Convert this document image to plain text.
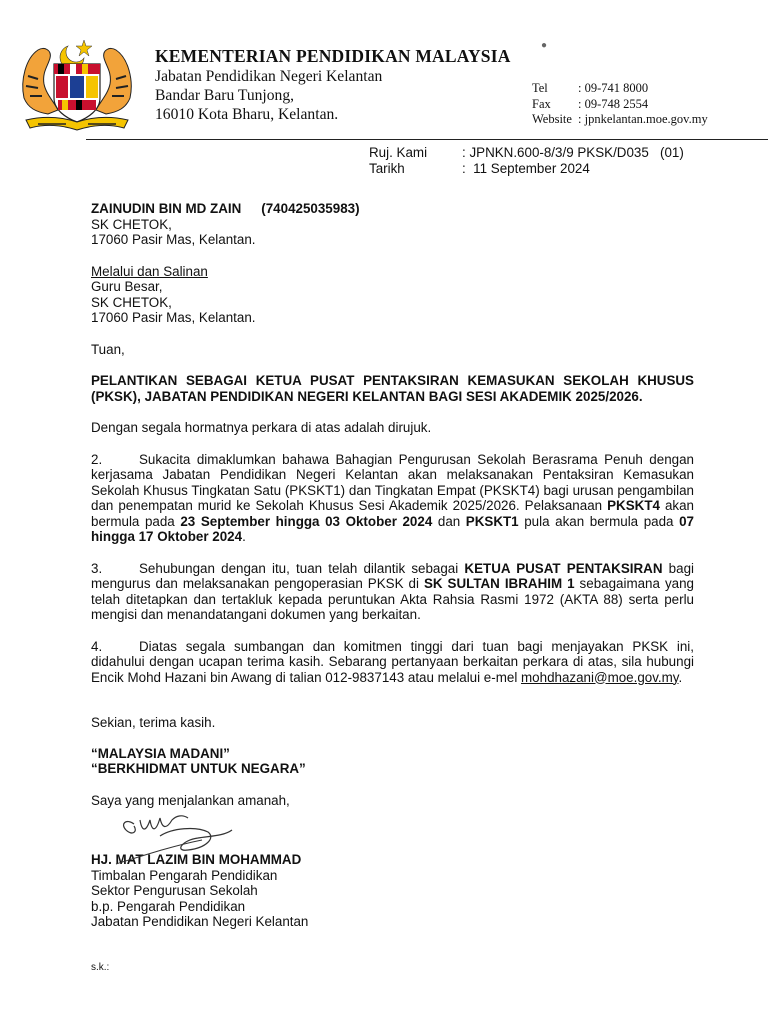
KEMENTERIAN PENDIDIKAN MALAYSIA
Jabatan Pendidikan Negeri Kelantan
Bandar Baru Tunjong,
16010 Kota Bharu, Kelantan.
●
Tel	: 09-741 8000
Fax	: 09-748 2554
Website : jpnkelantan.moe.gov.my
Ruj. Kami	: JPNKN.600-8/3/9 PKSK/D035   (01)
Tarikh	:  11 September 2024

ZAINUDIN BIN MD ZAIN (740425035983)

SK CHETOK,

17060 Pasir Mas, Kelantan.

Melalui dan Salinan

Guru Besar,

SK CHETOK,

17060 Pasir Mas, Kelantan.

Tuan,

PELANTIKAN SEBAGAI KETUA PUSAT PENTAKSIRAN KEMASUKAN SEKOLAH KHUSUS (PKSK), JABATAN PENDIDIKAN NEGERI KELANTAN BAGI SESI AKADEMIK 2025/2026.

Dengan segala hormatnya perkara di atas adalah dirujuk.

2.	Sukacita dimaklumkan bahawa Bahagian Pengurusan Sekolah Berasrama Penuh dengan kerjasama Jabatan Pendidikan Negeri Kelantan akan melaksanakan Pentaksiran Kemasukan Sekolah Khusus Tingkatan Satu (PKSKT1) dan Tingkatan Empat (PKSKT4) bagi urusan pengambilan dan penempatan murid ke Sekolah Khusus Sesi Akademik 2025/2026. Pelaksanaan PKSKT4 akan bermula pada 23 September hingga 03 Oktober 2024 dan PKSKT1 pula akan bermula pada 07 hingga 17 Oktober 2024.

3.	Sehubungan dengan itu, tuan telah dilantik sebagai KETUA PUSAT PENTAKSIRAN bagi mengurus dan melaksanakan pengoperasian PKSK di SK SULTAN IBRAHIM 1 sebagaimana yang telah ditetapkan dan tertakluk kepada peruntukan Akta Rahsia Rasmi 1972 (AKTA 88) serta perlu mengisi dan menandatangani dokumen yang berkaitan.

4.	Diatas segala sumbangan dan komitmen tinggi dari tuan bagi menjayakan PKSK ini, didahului dengan ucapan terima kasih. Sebarang pertanyaan berkaitan perkara di atas, sila hubungi Encik Mohd Hazani bin Awang di talian 012-9837143 atau melalui e-mel mohdhazani@moe.gov.my.

Sekian, terima kasih.

“MALAYSIA MADANI”

“BERKHIDMAT UNTUK NEGARA”

Saya yang menjalankan amanah,

HJ. MAT LAZIM BIN MOHAMMAD

Timbalan Pengarah Pendidikan

Sektor Pengurusan Sekolah

b.p. Pengarah Pendidikan

Jabatan Pendidikan Negeri Kelantan

s.k.:
